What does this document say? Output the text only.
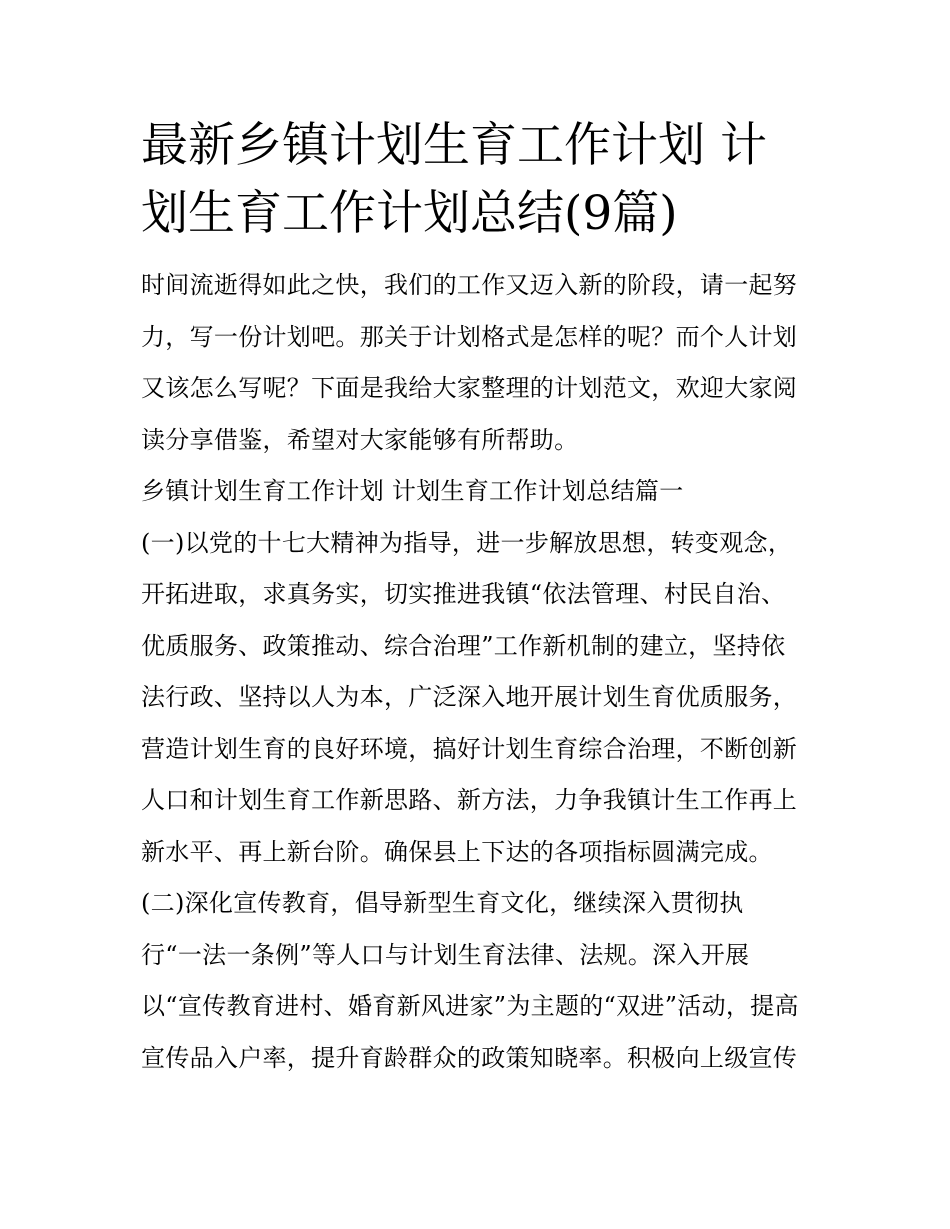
最新乡镇计划生育工作计划 计
划生育工作计划总结(9篇)

时间流逝得如此之快，我们的工作又迈入新的阶段，请一起努
力，写一份计划吧。那关于计划格式是怎样的呢？而个人计划
又该怎么写呢？下面是我给大家整理的计划范文，欢迎大家阅
读分享借鉴，希望对大家能够有所帮助。

乡镇计划生育工作计划 计划生育工作计划总结篇一

(一)以党的十七大精神为指导，进一步解放思想，转变观念，
开拓进取，求真务实，切实推进我镇“依法管理、村民自治、
优质服务、政策推动、综合治理”工作新机制的建立，坚持依
法行政、坚持以人为本，广泛深入地开展计划生育优质服务，
营造计划生育的良好环境，搞好计划生育综合治理，不断创新
人口和计划生育工作新思路、新方法，力争我镇计生工作再上
新水平、再上新台阶。确保县上下达的各项指标圆满完成。

(二)深化宣传教育，倡导新型生育文化，继续深入贯彻执
行“一法一条例”等人口与计划生育法律、法规。深入开展
以“宣传教育进村、婚育新风进家”为主题的“双进”活动，提高
宣传品入户率，提升育龄群众的政策知晓率。积极向上级宣传
